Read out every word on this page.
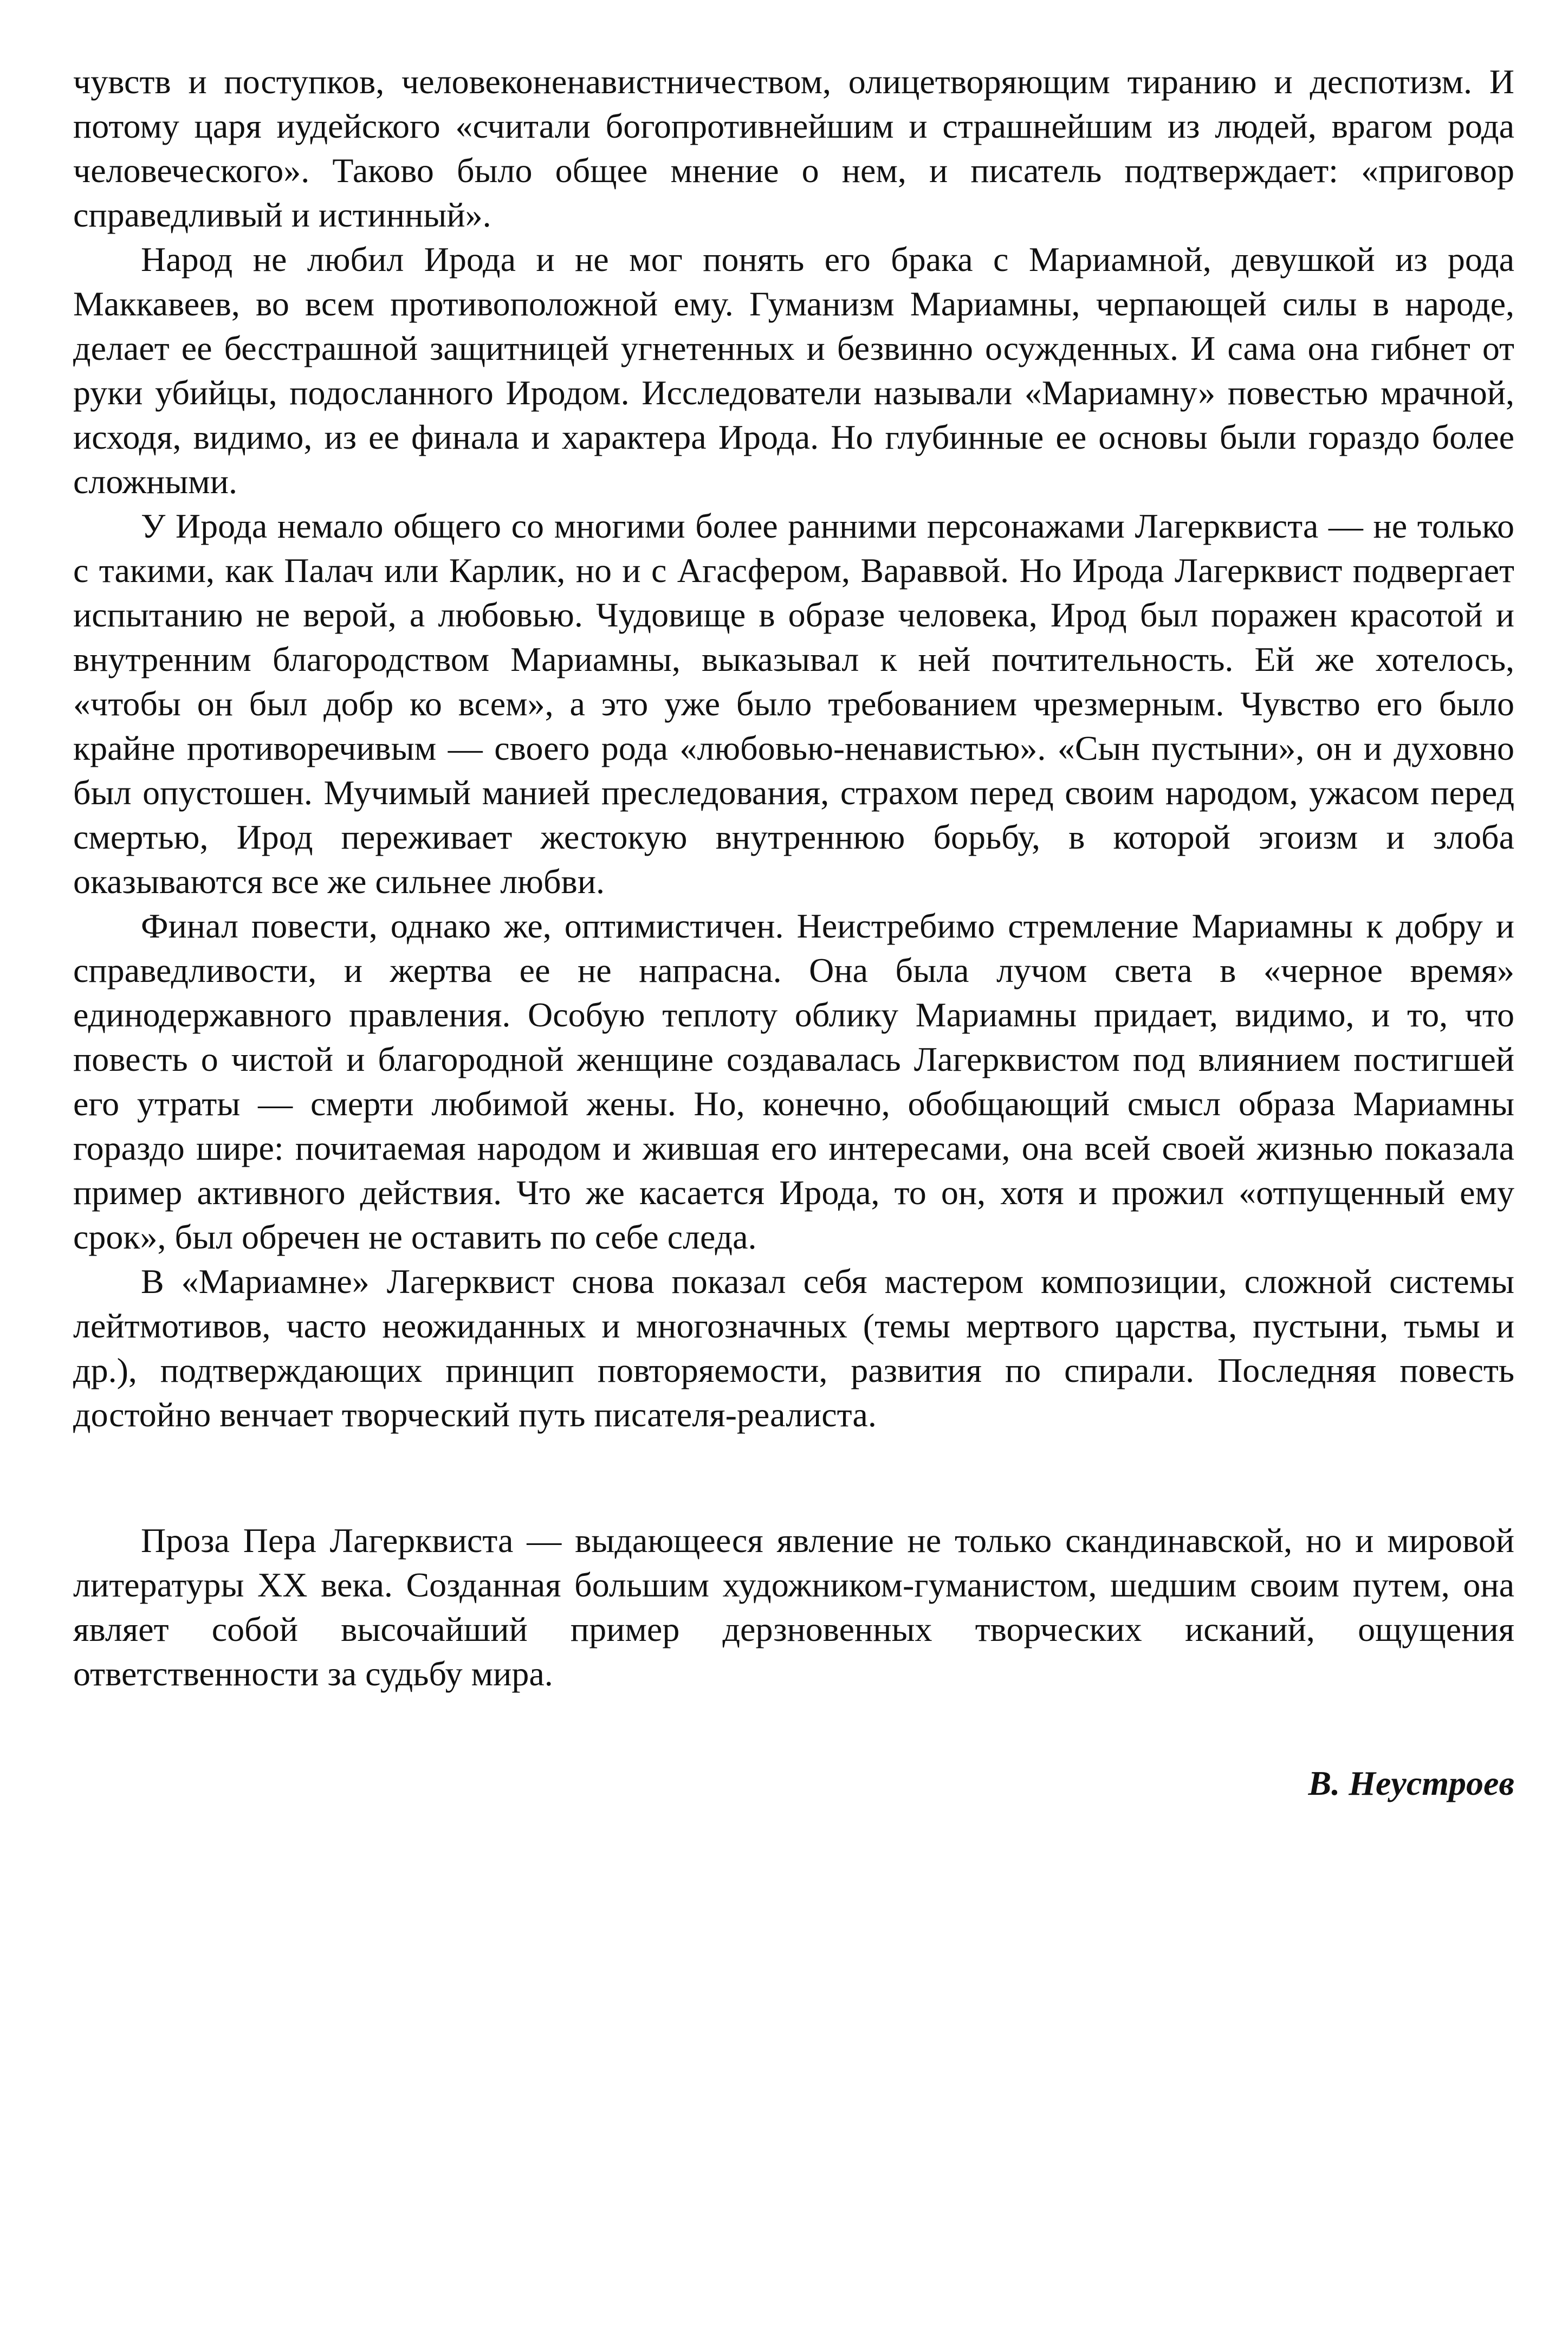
чувств и поступков, человеконенавистничеством, олицетворяющим тиранию и деспотизм. И потому царя иудейского «считали богопротивнейшим и страшнейшим из людей, врагом рода человеческого». Таково было общее мнение о нем, и писатель подтверждает: «приговор справедливый и истинный».

Народ не любил Ирода и не мог понять его брака с Мариамной, девушкой из рода Маккавеев, во всем противоположной ему. Гуманизм Мариамны, черпающей силы в народе, делает ее бесстрашной защитницей угнетенных и безвинно осужденных. И сама она гибнет от руки убийцы, подосланного Иродом. Исследователи называли «Мариамну» повестью мрачной, исходя, видимо, из ее финала и характера Ирода. Но глубинные ее основы были гораздо более сложными.

У Ирода немало общего со многими более ранними персонажами Лагерквиста — не только с такими, как Палач или Карлик, но и с Агасфером, Вараввой. Но Ирода Лагерквист подвергает испытанию не верой, а любовью. Чудовище в образе человека, Ирод был поражен красотой и внутренним благородством Мариамны, выказывал к ней почтительность. Ей же хотелось, «чтобы он был добр ко всем», а это уже было требованием чрезмерным. Чувство его было крайне противоречивым — своего рода «любовью-ненавистью». «Сын пустыни», он и духовно был опустошен. Мучимый манией преследования, страхом перед своим народом, ужасом перед смертью, Ирод переживает жестокую внутреннюю борьбу, в которой эгоизм и злоба оказываются все же сильнее любви.

Финал повести, однако же, оптимистичен. Неистребимо стремление Мариамны к добру и справедливости, и жертва ее не напрасна. Она была лучом света в «черное время» единодержавного правления. Особую теплоту облику Мариамны придает, видимо, и то, что повесть о чистой и благородной женщине создавалась Лагерквистом под влиянием постигшей его утраты — смерти любимой жены. Но, конечно, обобщающий смысл образа Мариамны гораздо шире: почитаемая народом и жившая его интересами, она всей своей жизнью показала пример активного действия. Что же касается Ирода, то он, хотя и прожил «отпущенный ему срок», был обречен не оставить по себе следа.

В «Мариамне» Лагерквист снова показал себя мастером композиции, сложной системы лейтмотивов, часто неожиданных и многозначных (темы мертвого царства, пустыни, тьмы и др.), подтверждающих принцип повторяемости, развития по спирали. Последняя повесть достойно венчает творческий путь писателя-реалиста.

Проза Пера Лагерквиста — выдающееся явление не только скандинавской, но и мировой литературы XX века. Созданная большим художником-гуманистом, шедшим своим путем, она являет собой высочайший пример дерзновенных творческих исканий, ощущения ответственности за судьбу мира.

В. Неустроев
